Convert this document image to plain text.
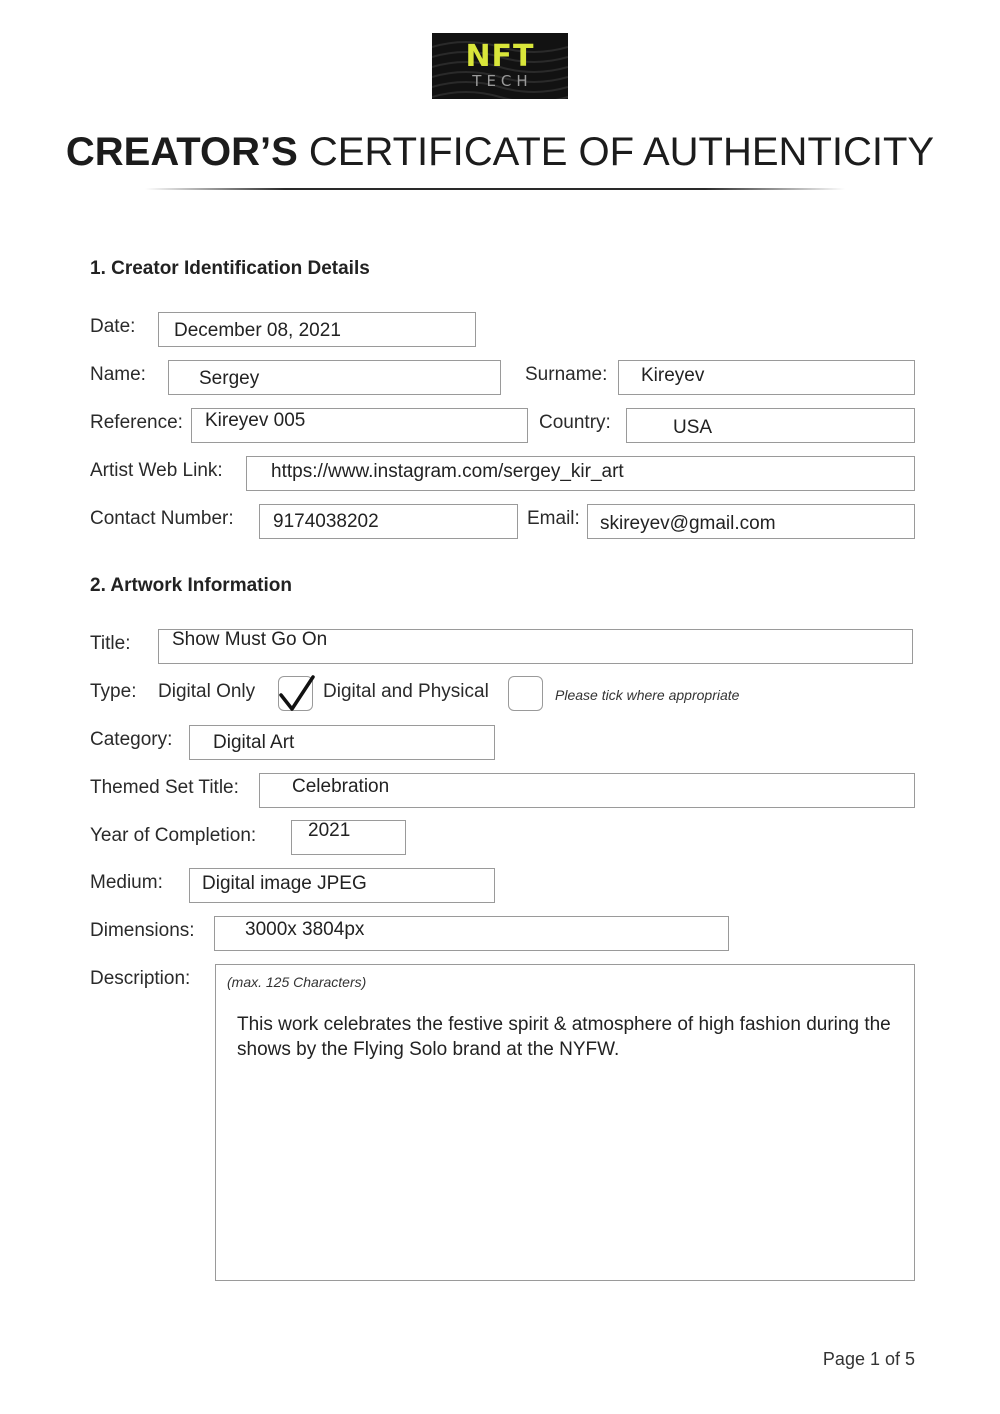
NFT
TECH
CREATOR’S CERTIFICATE OF AUTHENTICITY
1. Creator Identification Details
Date: December 08, 2021
Name:	Sergey	Surname: Kireyev
Reference: Kireyev 005	Country:	USA
Artist Web Link:	https://www.instagram.com/sergey_kir_art
Contact Number: 9174038202	Email: skireyev@gmail.com
2. Artwork Information
Title: Show Must Go On
Type: Digital Only	Digital and Physical	Please tick where appropriate
Category: Digital Art
Themed Set Title:	Celebration
Year of Completion:	2021
Medium: Digital image JPEG
Dimensions:	3000x 3804px
Description:	(max. 125 Characters)
This work celebrates the festive spirit & atmosphere of high fashion during the shows by the Flying Solo brand at the NYFW.
Page 1 of 5
